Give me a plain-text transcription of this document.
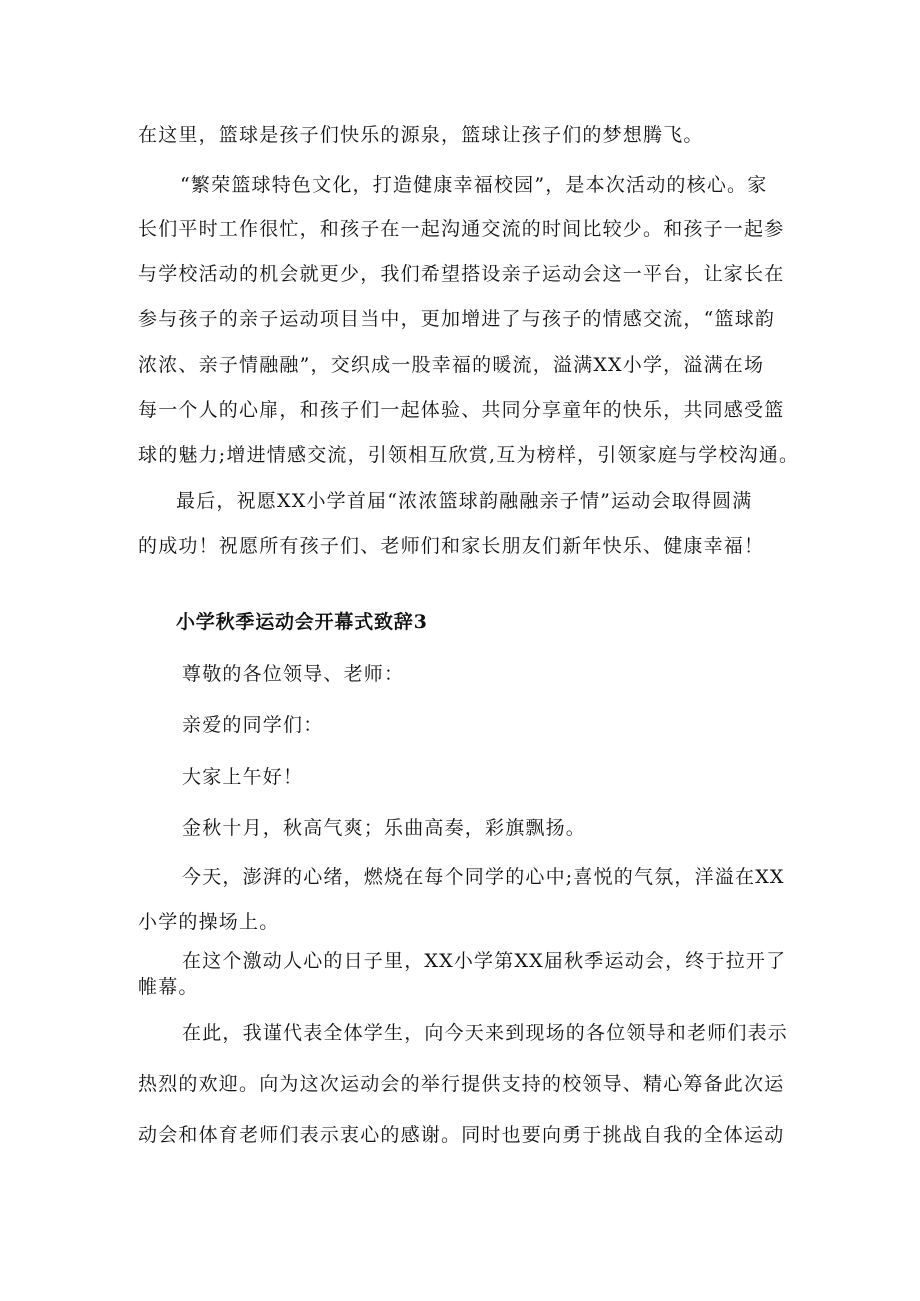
在这里，篮球是孩子们快乐的源泉，篮球让孩子们的梦想腾飞。

“繁荣篮球特色文化，打造健康幸福校园”，是本次活动的核心。家

长们平时工作很忙，和孩子在一起沟通交流的时间比较少。和孩子一起参

与学校活动的机会就更少，我们希望搭设亲子运动会这一平台，让家长在

参与孩子的亲子运动项目当中，更加增进了与孩子的情感交流，“篮球韵

浓浓、亲子情融融”，交织成一股幸福的暖流，溢满XX小学，溢满在场

每一个人的心扉，和孩子们一起体验、共同分享童年的快乐，共同感受篮

球的魅力;增进情感交流，引领相互欣赏,互为榜样，引领家庭与学校沟通。

最后，祝愿XX小学首届“浓浓篮球韵融融亲子情”运动会取得圆满

的成功！祝愿所有孩子们、老师们和家长朋友们新年快乐、健康幸福！

小学秋季运动会开幕式致辞3

尊敬的各位领导、老师：

亲爱的同学们：

大家上午好！

金秋十月，秋高气爽；乐曲高奏，彩旗飘扬。

今天，澎湃的心绪，燃烧在每个同学的心中;喜悦的气氛，洋溢在XX

小学的操场上。

在这个激动人心的日子里，XX小学第XX届秋季运动会，终于拉开了

帷幕。

在此，我谨代表全体学生，向今天来到现场的各位领导和老师们表示

热烈的欢迎。向为这次运动会的举行提供支持的校领导、精心筹备此次运

动会和体育老师们表示衷心的感谢。同时也要向勇于挑战自我的全体运动
